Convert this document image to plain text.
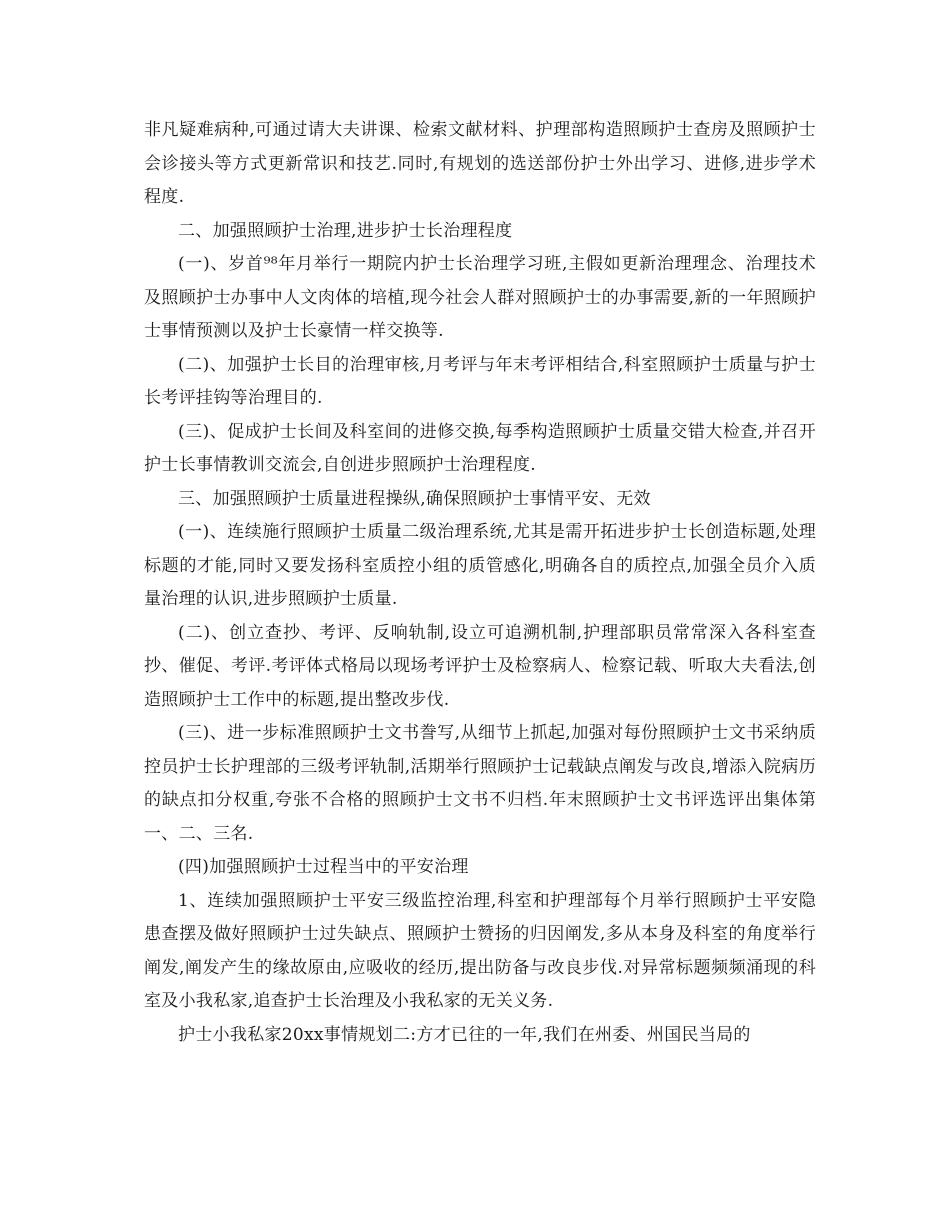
非凡疑难病种,可通过请大夫讲课、检索文献材料、护理部构造照顾护士查房及照顾护士会诊接头等方式更新常识和技艺.同时,有规划的选送部份护士外出学习、进修,进步学术程度.

二、加强照顾护士治理,进步护士长治理程度

(一)、岁首⁹⁸年月举行一期院内护士长治理学习班,主假如更新治理理念、治理技术及照顾护士办事中人文肉体的培植,现今社会人群对照顾护士的办事需要,新的一年照顾护士事情预测以及护士长豪情一样交换等.

(二)、加强护士长目的治理审核,月考评与年末考评相结合,科室照顾护士质量与护士长考评挂钩等治理目的.

(三)、促成护士长间及科室间的进修交换,每季构造照顾护士质量交错大检查,并召开护士长事情教训交流会,自创进步照顾护士治理程度.

三、加强照顾护士质量进程操纵,确保照顾护士事情平安、无效

(一)、连续施行照顾护士质量二级治理系统,尤其是需开拓进步护士长创造标题,处理标题的才能,同时又要发扬科室质控小组的质管感化,明确各自的质控点,加强全员介入质量治理的认识,进步照顾护士质量.

(二)、创立查抄、考评、反响轨制,设立可追溯机制,护理部职员常常深入各科室查抄、催促、考评.考评体式格局以现场考评护士及检察病人、检察记载、听取大夫看法,创造照顾护士工作中的标题,提出整改步伐.

(三)、进一步标准照顾护士文书誊写,从细节上抓起,加强对每份照顾护士文书采纳质控员护士长护理部的三级考评轨制,活期举行照顾护士记载缺点阐发与改良,增添入院病历的缺点扣分权重,夸张不合格的照顾护士文书不归档.年末照顾护士文书评选评出集体第一、二、三名.

(四)加强照顾护士过程当中的平安治理

1、连续加强照顾护士平安三级监控治理,科室和护理部每个月举行照顾护士平安隐患查摆及做好照顾护士过失缺点、照顾护士赞扬的归因阐发,多从本身及科室的角度举行阐发,阐发产生的缘故原由,应吸收的经历,提出防备与改良步伐.对异常标题频频涌现的科室及小我私家,追查护士长治理及小我私家的无关义务.

护士小我私家20xx事情规划二:方才已往的一年,我们在州委、州国民当局的
